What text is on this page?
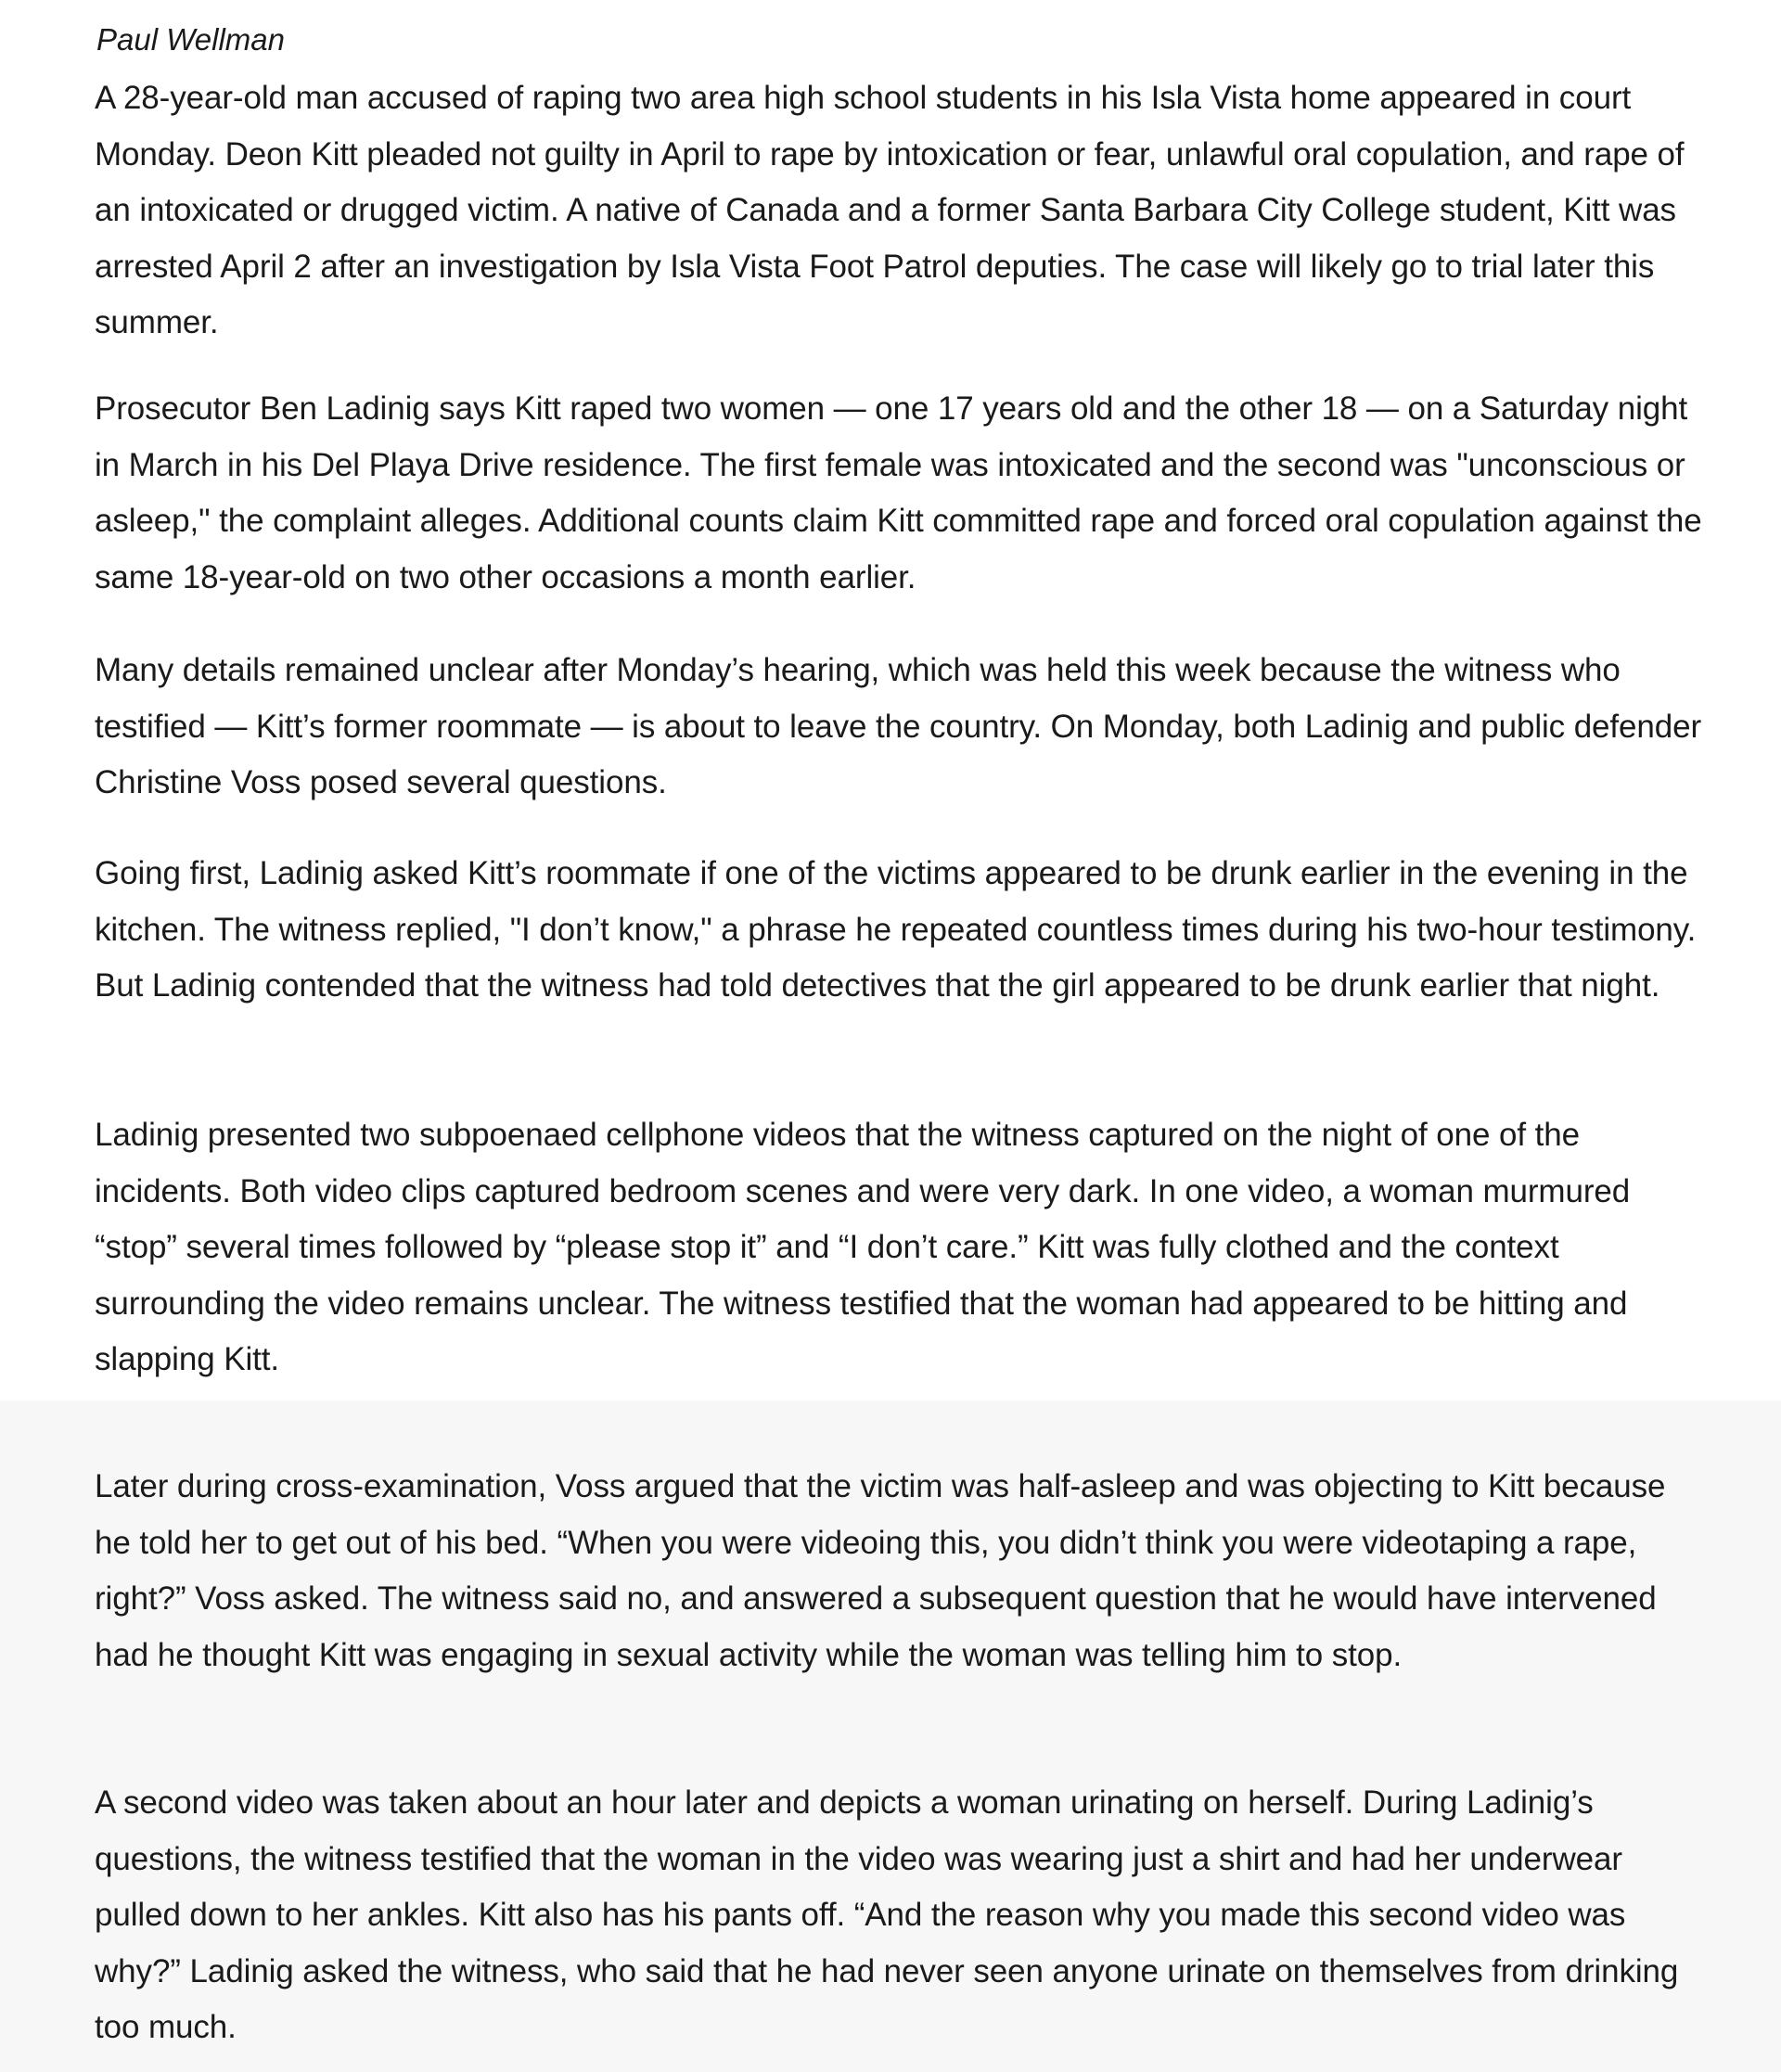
Paul Wellman

A 28-year-old man accused of raping two area high school students in his Isla Vista home appeared in court Monday. Deon Kitt pleaded not guilty in April to rape by intoxication or fear, unlawful oral copulation, and rape of an intoxicated or drugged victim. A native of Canada and a former Santa Barbara City College student, Kitt was arrested April 2 after an investigation by Isla Vista Foot Patrol deputies. The case will likely go to trial later this summer.

Prosecutor Ben Ladinig says Kitt raped two women — one 17 years old and the other 18 — on a Saturday night in March in his Del Playa Drive residence. The first female was intoxicated and the second was "unconscious or asleep," the complaint alleges. Additional counts claim Kitt committed rape and forced oral copulation against the same 18-year-old on two other occasions a month earlier.

Many details remained unclear after Monday’s hearing, which was held this week because the witness who testified — Kitt’s former roommate — is about to leave the country. On Monday, both Ladinig and public defender Christine Voss posed several questions.

Going first, Ladinig asked Kitt’s roommate if one of the victims appeared to be drunk earlier in the evening in the kitchen. The witness replied, "I don’t know," a phrase he repeated countless times during his two-hour testimony. But Ladinig contended that the witness had told detectives that the girl appeared to be drunk earlier that night.

Ladinig presented two subpoenaed cellphone videos that the witness captured on the night of one of the incidents. Both video clips captured bedroom scenes and were very dark. In one video, a woman murmured “stop” several times followed by “please stop it” and “I don’t care.” Kitt was fully clothed and the context surrounding the video remains unclear. The witness testified that the woman had appeared to be hitting and slapping Kitt.

Later during cross-examination, Voss argued that the victim was half-asleep and was objecting to Kitt because he told her to get out of his bed. “When you were videoing this, you didn’t think you were videotaping a rape, right?” Voss asked. The witness said no, and answered a subsequent question that he would have intervened had he thought Kitt was engaging in sexual activity while the woman was telling him to stop.

A second video was taken about an hour later and depicts a woman urinating on herself. During Ladinig’s questions, the witness testified that the woman in the video was wearing just a shirt and had her underwear pulled down to her ankles. Kitt also has his pants off. “And the reason why you made this second video was why?” Ladinig asked the witness, who said that he had never seen anyone urinate on themselves from drinking too much.
